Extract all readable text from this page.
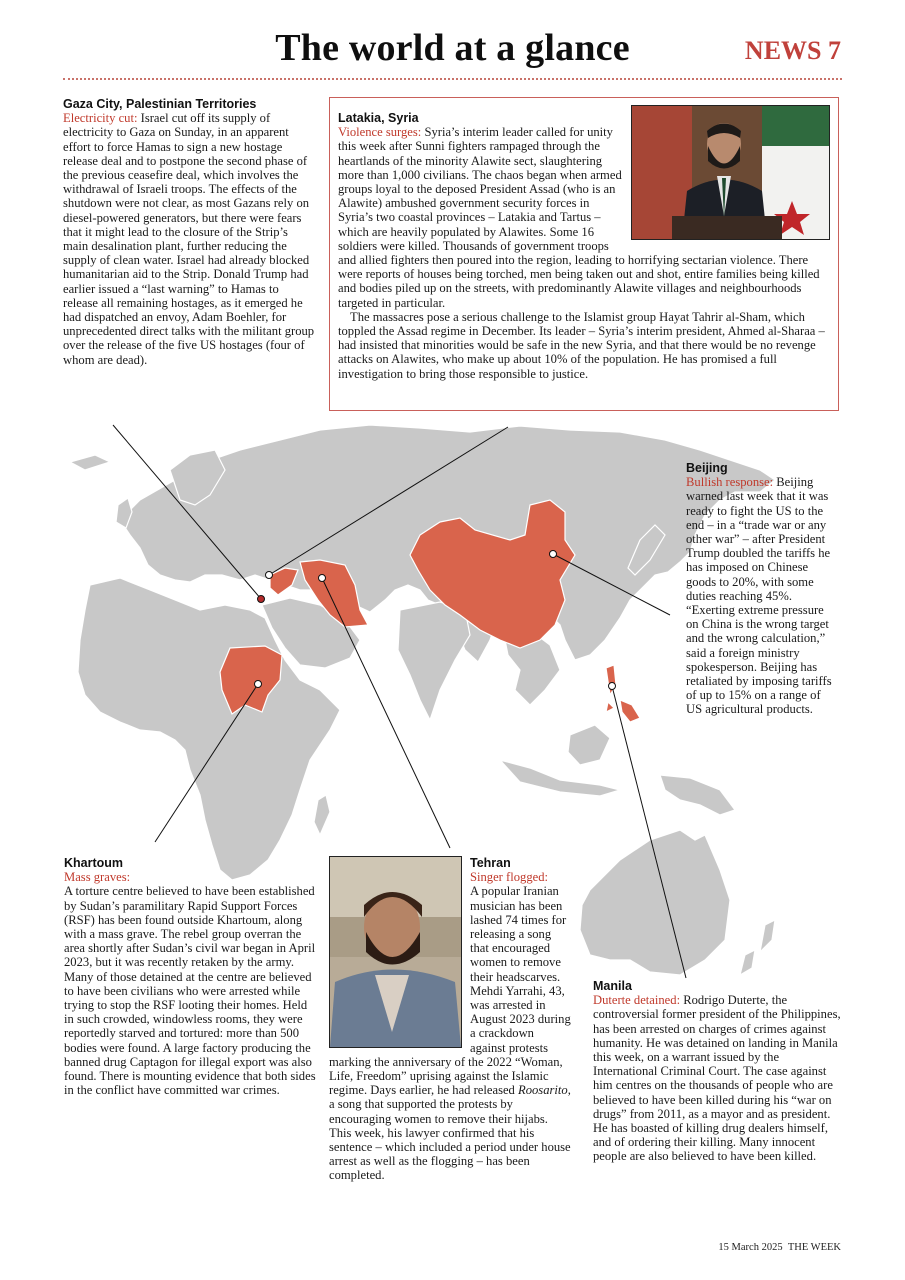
The world at a glance	NEWS 7
Gaza City, Palestinian Territories

Electricity cut: Israel cut off its supply of electricity to Gaza on Sunday, in an apparent effort to force Hamas to sign a new hostage release deal and to postpone the second phase of the previous ceasefire deal, which involves the withdrawal of Israeli troops. The effects of the shutdown were not clear, as most Gazans rely on diesel-powered generators, but there were fears that it might lead to the closure of the Strip’s main desalination plant, further reducing the supply of clean water. Israel had already blocked humanitarian aid to the Strip. Donald Trump had earlier issued a “last warning” to Hamas to release all remaining hostages, as it emerged he had dispatched an envoy, Adam Boehler, for unprecedented direct talks with the militant group over the release of the five US hostages (four of whom are dead).

Latakia, Syria

Violence surges: Syria’s interim leader called for unity this week after Sunni fighters rampaged through the heartlands of the minority Alawite sect, slaughtering more than 1,000 civilians. The chaos began when armed groups loyal to the deposed President Assad (who is an Alawite) ambushed government security forces in Syria’s two coastal provinces – Latakia and Tartus – which are heavily populated by Alawites. Some 16 soldiers were killed. Thousands of government troops and allied fighters then poured into the region, leading to horrifying sectarian violence. There were reports of houses being torched, men being taken out and shot, entire families being killed and bodies piled up on the streets, with predominantly Alawite villages and neighbourhoods targeted in particular.

The massacres pose a serious challenge to the Islamist group Hayat Tahrir al-Sham, which toppled the Assad regime in December. Its leader – Syria’s interim president, Ahmed al-Sharaa – had insisted that minorities would be safe in the new Syria, and that there would be no revenge attacks on Alawites, who make up about 10% of the population. He has promised a full investigation to bring those responsible to justice.

Beijing

Bullish response: Beijing warned last week that it was ready to fight the US to the end – in a “trade war or any other war” – after President Trump doubled the tariffs he has imposed on Chinese goods to 20%, with some duties reaching 45%. “Exerting extreme pressure on China is the wrong target and the wrong calculation,” said a foreign ministry spokesperson. Beijing has retaliated by imposing tariffs of up to 15% on a range of US agricultural products.

Khartoum

Mass graves:
A torture centre believed to have been established by Sudan’s paramilitary Rapid Support Forces (RSF) has been found outside Khartoum, along with a mass grave. The rebel group overran the area shortly after Sudan’s civil war began in April 2023, but it was recently retaken by the army. Many of those detained at the centre are believed to have been civilians who were arrested while trying to stop the RSF looting their homes. Held in such crowded, windowless rooms, they were reportedly starved and tortured: more than 500 bodies were found. A large factory producing the banned drug Captagon for illegal export was also found. There is mounting evidence that both sides in the conflict have committed war crimes.

Tehran

Singer flogged:
A popular Iranian musician has been lashed 74 times for releasing a song that encouraged women to remove their headscarves. Mehdi Yarrahi, 43, was arrested in August 2023 during a crackdown against protests marking the anniversary of the 2022 “Woman, Life, Freedom” uprising against the Islamic regime. Days earlier, he had released Roosarito, a song that supported the protests by encouraging women to remove their hijabs. This week, his lawyer confirmed that his sentence – which included a period under house arrest as well as the flogging – has been completed.

Manila

Duterte detained: Rodrigo Duterte, the controversial former president of the Philippines, has been arrested on charges of crimes against humanity. He was detained on landing in Manila this week, on a warrant issued by the International Criminal Court. The case against him centres on the thousands of people who are believed to have been killed during his “war on drugs” from 2011, as a mayor and as president. He has boasted of killing drug dealers himself, and of ordering their killing. Many innocent people are also believed to have been killed.

15 March 2025 THE WEEK
